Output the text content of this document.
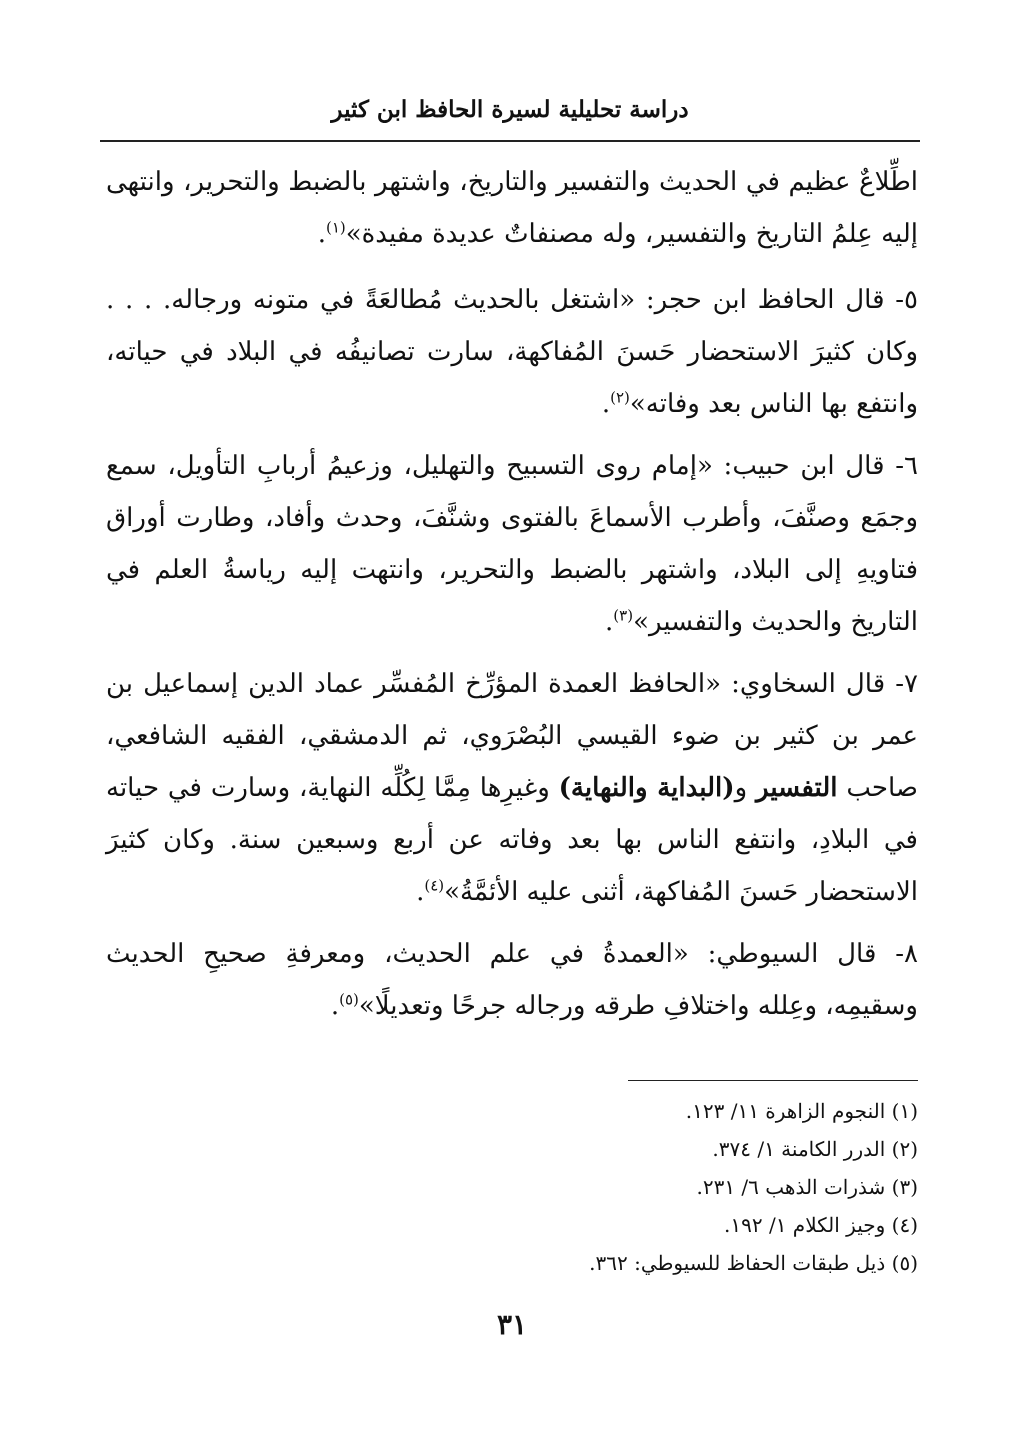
دراسة تحليلية لسيرة الحافظ ابن كثير

اطِّلاعٌ عظيم في الحديث والتفسير والتاريخ، واشتهر بالضبط والتحرير، وانتهى إليه عِلمُ التاريخ والتفسير، وله مصنفاتٌ عديدة مفيدة»$^{(١)}$.

٥- قال الحافظ ابن حجر: «اشتغل بالحديث مُطالعَةً في متونه ورجاله. . . . وكان كثيرَ الاستحضار حَسنَ المُفاكهة، سارت تصانيفُه في البلاد في حياته، وانتفع بها الناس بعد وفاته»$^{(٢)}$.

٦- قال ابن حبيب: «إمام روى التسبيح والتهليل، وزعيمُ أربابِ التأويل، سمع وجمَع وصنَّفَ، وأطرب الأسماعَ بالفتوى وشنَّفَ، وحدث وأفاد، وطارت أوراق فتاويهِ إلى البلاد، واشتهر بالضبط والتحرير، وانتهت إليه رياسةُ العلم في التاريخ والحديث والتفسير»$^{(٣)}$.

٧- قال السخاوي: «الحافظ العمدة المؤرِّخ المُفسِّر عماد الدين إسماعيل بن عمر بن كثير بن ضوء القيسي البُصْرَوي، ثم الدمشقي، الفقيه الشافعي، صاحب التفسير و(البداية والنهاية) وغيرِها مِمَّا لِكُلِّه النهاية، وسارت في حياته في البلادِ، وانتفع الناس بها بعد وفاته عن أربع وسبعين سنة. وكان كثيرَ الاستحضار حَسنَ المُفاكهة، أثنى عليه الأئمَّةُ»$^{(٤)}$.

٨- قال السيوطي: «العمدةُ في علم الحديث، ومعرفةِ صحيحِ الحديث وسقيمِه، وعِلله واختلافِ طرقه ورجاله جرحًا وتعديلًا»$^{(٥)}$.

(١) النجوم الزاهرة ١١/ ١٢٣.

(٢) الدرر الكامنة ١/ ٣٧٤.

(٣) شذرات الذهب ٦/ ٢٣١.

(٤) وجيز الكلام ١/ ١٩٢.

(٥) ذيل طبقات الحفاظ للسيوطي: ٣٦٢.

٣١
